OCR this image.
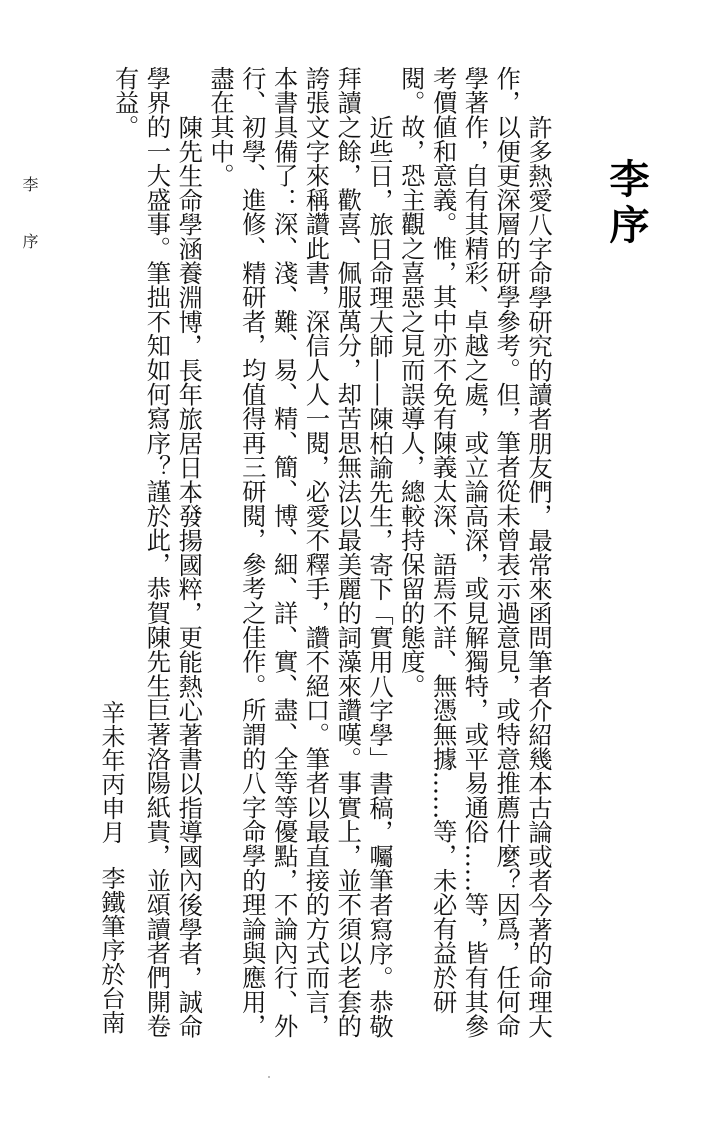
李 序	李序

許多熱愛八字命學研究的讀者朋友們，最常來函問筆者介紹幾本古論或者今著的命理大作，以便更深層的研學參考。但，筆者從未曾表示過意見，或特意推薦什麼？因爲，任何命學著作，自有其精彩、卓越之處，或立論高深，或見解獨特，或平易通俗……等，皆有其參考價値和意義。惟，其中亦不免有陳義太深、語焉不詳、無憑無據……等，未必有益於研閱。故，恐主觀之喜惡之見而誤導人，總較持保留的態度。

近些日，旅日命理大師——陳柏諭先生，寄下「實用八字學」書稿，囑筆者寫序。恭敬拜讀之餘，歡喜、佩服萬分，却苦思無法以最美麗的詞藻來讚嘆。事實上，並不須以老套的誇張文字來稱讚此書，深信人人一閱，必愛不釋手，讚不絕口。筆者以最直接的方式而言，本書具備了：深、淺、難、易、精、簡、博、細、詳、實、盡、全等等優點，不論內行、外行、初學、進修、精研者，均值得再三研閱，參考之佳作。所謂的八字命學的理論與應用，盡在其中。

陳先生命學涵養淵博，長年旅居日本發揚國粹，更能熱心著書以指導國內後學者，誠命學界的一大盛事。筆拙不知如何寫序？謹於此，恭賀陳先生巨著洛陽紙貴，並頌讀者們開卷有益。

辛未年丙申月李鐵筆序於台南
